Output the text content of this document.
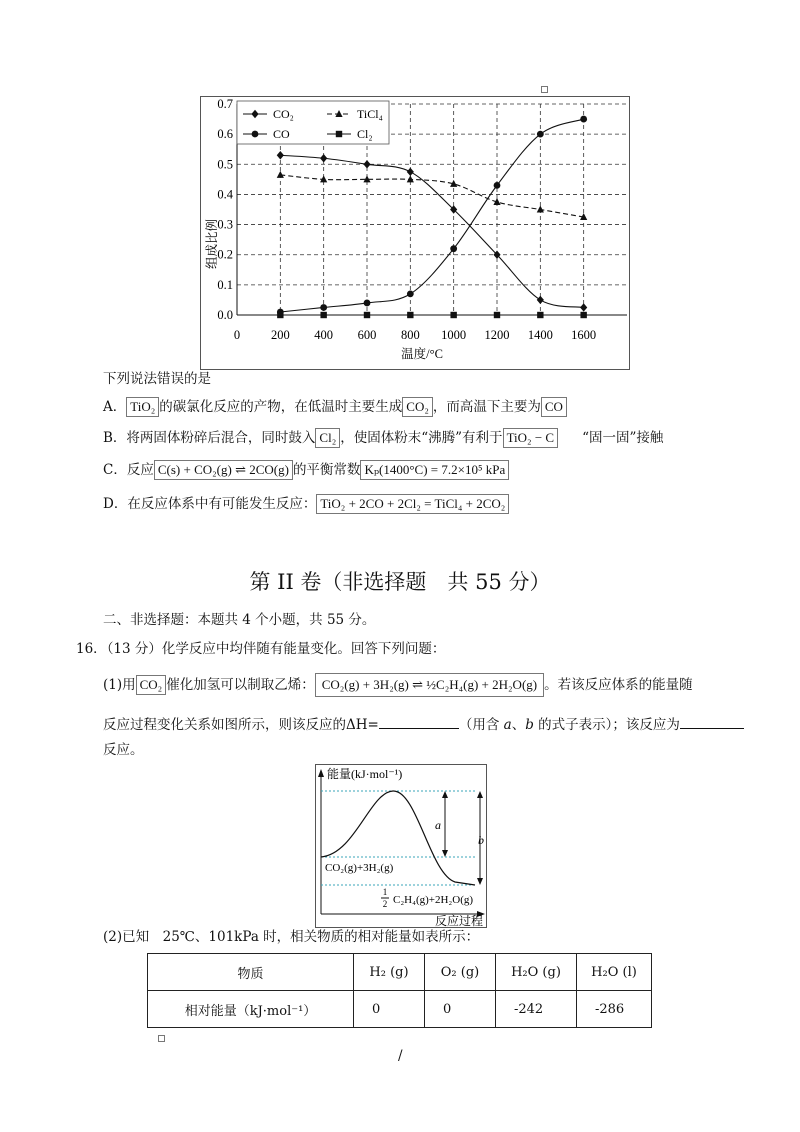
0 200 400 600 800 1000 1200 1400 1600
0.0
0.1
0.2
0.3
0.4
0.5
0.6
0.7
CO₂	TiCl₄
CO	Cl₂
温度/°C
组成比例
下列说法错误的是
A． TiO₂ 的碳氯化反应的产物，在低温时主要生成 CO₂ ，而高温下主要为 CO
B．将两固体粉碎后混合，同时鼓入 Cl₂ ，使固体粉末“沸腾”有利于 TiO₂ − C “固一固”接触
C．反应 C(s) + CO₂(g) ⇌ 2CO(g) 的平衡常数 Kₚ(1400°C) = 7.2×10⁵ kPa
D．在反应体系中有可能发生反应： TiO₂ + 2CO + 2Cl₂ = TiCl₄ + 2CO₂
第 II 卷（非选择题　共 55 分）
二、非选择题：本题共 4 个小题，共 55 分。
16．（13 分）化学反应中均伴随有能量变化。回答下列问题：
(1)用 CO₂ 催化加氢可以制取乙烯： CO₂(g) + 3H₂(g) ⇌ ½C₂H₄(g) + 2H₂O(g) 。若该反应体系的能量随
反应过程变化关系如图所示，则该反应的ΔH=	（用含 a、b 的式子表示）；该反应为
反应。
a
b
能量(kJ·mol⁻¹)
CO₂(g)+3H₂(g)
1
2 C₂H₄(g)+2H₂O(g)
反应过程
(2)已知　25℃、101kPa 时，相关物质的相对能量如表所示：
物质	H₂ (g)	O₂ (g)	H₂O (g)	H₂O (l)
相对能量（kJ·mol⁻¹）	0	0	-242	-286
/
